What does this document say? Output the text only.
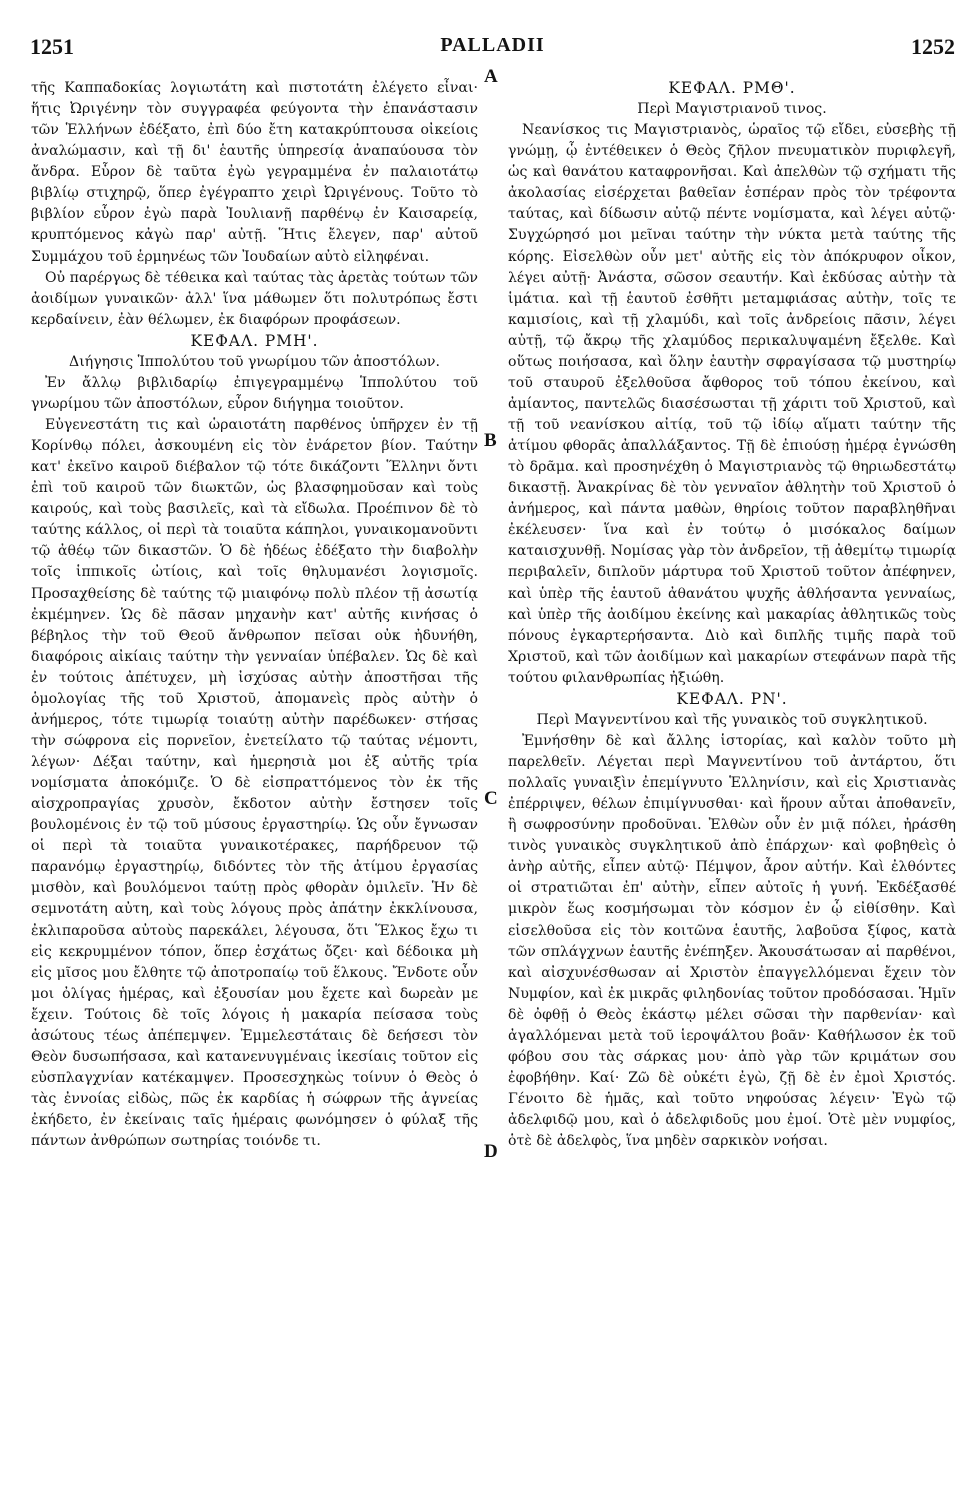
1251	PALLADII	1252

τῆς Καππαδοκίας λογιωτάτη καὶ πιστοτάτη ἐλέγετο εἶναι· ἥτις Ὠριγένην τὸν συγγραφέα φεύγοντα τὴν ἐπανάστασιν τῶν Ἑλλήνων ἐδέξατο, ἐπὶ δύο ἔτη κατακρύπτουσα οἰκείοις ἀναλώμασιν, καὶ τῇ δι' ἑαυτῆς ὑπηρεσίᾳ ἀναπαύουσα τὸν ἄνδρα. Εὗρον δὲ ταῦτα ἐγὼ γεγραμμένα ἐν παλαιοτάτῳ βιβλίῳ στιχηρῷ, ὅπερ ἐγέγραπτο χειρὶ Ὠριγένους. Τοῦτο τὸ βιβλίον εὗρον ἐγὼ παρὰ Ἰουλιανῇ παρθένῳ ἐν Καισαρείᾳ, κρυπτόμενος κἀγὼ παρ' αὐτῇ. Ἥτις ἔλεγεν, παρ' αὐτοῦ Συμμάχου τοῦ ἑρμηνέως τῶν Ἰουδαίων αὐτὸ εἰληφέναι.

Οὐ παρέργως δὲ τέθεικα καὶ ταύτας τὰς ἀρετὰς τούτων τῶν ἀοιδίμων γυναικῶν· ἀλλ' ἵνα μάθωμεν ὅτι πολυτρόπως ἔστι κερδαίνειν, ἐὰν θέλωμεν, ἐκ διαφόρων προφάσεων.

ΚΕΦΑΛ. ΡΜΗ'.

Διήγησις Ἱππολύτου τοῦ γνωρίμου τῶν ἀποστόλων.

Ἐν ἄλλῳ βιβλιδαρίῳ ἐπιγεγραμμένῳ Ἱππολύτου τοῦ γνωρίμου τῶν ἀποστόλων, εὗρον διήγημα τοιοῦτον.

Εὐγενεστάτη τις καὶ ὡραιοτάτη παρθένος ὑπῆρχεν ἐν τῇ Κορίνθῳ πόλει, ἀσκουμένη εἰς τὸν ἐνάρετον βίον. Ταύτην κατ' ἐκεῖνο καιροῦ διέβαλον τῷ τότε δικάζοντι Ἕλληνι ὄντι ἐπὶ τοῦ καιροῦ τῶν διωκτῶν, ὡς βλασφημοῦσαν καὶ τοὺς καιρούς, καὶ τοὺς βασιλεῖς, καὶ τὰ εἴδωλα. Προέπινον δὲ τὸ ταύτης κάλλος, οἱ περὶ τὰ τοιαῦτα κάπηλοι, γυναικομανοῦντι τῷ ἀθέῳ τῶν δικαστῶν. Ὁ δὲ ἡδέως ἐδέξατο τὴν διαβολὴν τοῖς ἱππικοῖς ὠτίοις, καὶ τοῖς θηλυμανέσι λογισμοῖς. Προσαχθείσης δὲ ταύτης τῷ μιαιφόνῳ πολὺ πλέον τῇ ἀσωτίᾳ ἐκμέμηνεν. Ὡς δὲ πᾶσαν μηχανὴν κατ' αὐτῆς κινήσας ὁ βέβηλος τὴν τοῦ Θεοῦ ἄνθρωπον πεῖσαι οὐκ ἠδυνήθη, διαφόροις αἰκίαις ταύτην τὴν γενναίαν ὑπέβαλεν. Ὡς δὲ καὶ ἐν τούτοις ἀπέτυχεν, μὴ ἰσχύσας αὐτὴν ἀποστῆσαι τῆς ὁμολογίας τῆς τοῦ Χριστοῦ, ἀπομανεὶς πρὸς αὐτὴν ὁ ἀνήμερος, τότε τιμωρίᾳ τοιαύτῃ αὐτὴν παρέδωκεν· στήσας τὴν σώφρονα εἰς πορνεῖον, ἐνετείλατο τῷ ταύτας νέμοντι, λέγων· Δέξαι ταύτην, καὶ ἡμερησιὰ μοι ἐξ αὐτῆς τρία νομίσματα ἀποκόμιζε. Ὁ δὲ εἰσπραττόμενος τὸν ἐκ τῆς αἰσχροπραγίας χρυσὸν, ἔκδοτον αὐτὴν ἔστησεν τοῖς βουλομένοις ἐν τῷ τοῦ μύσους ἐργαστηρίῳ. Ὡς οὖν ἔγνωσαν οἱ περὶ τὰ τοιαῦτα γυναικοτέρακες, παρήδρευον τῷ παρανόμῳ ἐργαστηρίῳ, διδόντες τὸν τῆς ἀτίμου ἐργασίας μισθὸν, καὶ βουλόμενοι ταύτῃ πρὸς φθορὰν ὁμιλεῖν. Ἡν δὲ σεμνοτάτη αὐτη, καὶ τοὺς λόγους πρὸς ἀπάτην ἐκκλίνουσα, ἐκλιπαροῦσα αὐτοὺς παρεκάλει, λέγουσα, ὅτι Ἕλκος ἔχω τι εἰς κεκρυμμένον τόπον, ὅπερ ἐσχάτως ὄζει· καὶ δέδοικα μὴ εἰς μῖσος μου ἔλθητε τῷ ἀποτροπαίῳ τοῦ ἕλκους. Ἔνδοτε οὖν μοι ὀλίγας ἡμέρας, καὶ ἐξουσίαν μου ἔχετε καὶ δωρεὰν με ἔχειν. Τούτοις δὲ τοῖς λόγοις ἡ μακαρία πείσασα τοὺς ἀσώτους τέως ἀπέπεμψεν. Ἐμμελεστάταις δὲ δεήσεσι τὸν Θεὸν δυσωπήσασα, καὶ κατανενυγμέναις ἱκεσίαις τοῦτον εἰς εὐσπλαγχνίαν κατέκαμψεν. Προσεσχηκὼς τοίνυν ὁ Θεὸς ὁ τὰς ἐννοίας εἰδὼς, πῶς ἐκ καρδίας ἡ σώφρων τῆς ἁγνείας ἐκήδετο, ἐν ἐκείναις ταῖς ἡμέραις φωνόμησεν ὁ φύλαξ τῆς πάντων ἀνθρώπων σωτηρίας τοιόνδε τι.

ΚΕΦΑΛ. ΡΜΘ'.

Περὶ Μαγιστριανοῦ τινος.

Νεανίσκος τις Μαγιστριανὸς, ὡραῖος τῷ εἴδει, εὐσεβὴς τῇ γνώμῃ, ᾧ ἐντέθεικεν ὁ Θεὸς ζῆλον πνευματικὸν πυριφλεγῆ, ὡς καὶ θανάτου καταφρονῆσαι. Καὶ ἀπελθὼν τῷ σχήματι τῆς ἀκολασίας εἰσέρχεται βαθεῖαν ἑσπέραν πρὸς τὸν τρέφοντα ταύτας, καὶ δίδωσιν αὐτῷ πέντε νομίσματα, καὶ λέγει αὐτῷ· Συγχώρησό μοι μεῖναι ταύτην τὴν νύκτα μετὰ ταύτης τῆς κόρης. Εἰσελθὼν οὖν μετ' αὐτῆς εἰς τὸν ἀπόκρυφον οἶκον, λέγει αὐτῇ· Ἀνάστα, σῶσον σεαυτήν. Καὶ ἐκδύσας αὐτὴν τὰ ἱμάτια. καὶ τῇ ἑαυτοῦ ἐσθῆτι μεταμφιάσας αὐτὴν, τοῖς τε καμισίοις, καὶ τῇ χλαμύδι, καὶ τοῖς ἀνδρείοις πᾶσιν, λέγει αὐτῇ, τῷ ἄκρῳ τῆς χλαμύδος περικαλυψαμένη ἔξελθε. Καὶ οὕτως ποιήσασα, καὶ ὅλην ἑαυτὴν σφραγίσασα τῷ μυστηρίῳ τοῦ σταυροῦ ἐξελθοῦσα ἄφθορος τοῦ τόπου ἐκείνου, καὶ ἀμίαντος, παντελῶς διασέσωσται τῇ χάριτι τοῦ Χριστοῦ, καὶ τῇ τοῦ νεανίσκου αἰτίᾳ, τοῦ τῷ ἰδίῳ αἵματι ταύτην τῆς ἀτίμου φθορᾶς ἀπαλλάξαντος. Τῇ δὲ ἐπιούσῃ ἡμέρᾳ ἐγνώσθη τὸ δρᾶμα. καὶ προσηνέχθη ὁ Μαγιστριανὸς τῷ θηριωδεστάτῳ δικαστῇ. Ἀνακρίνας δὲ τὸν γενναῖον ἀθλητὴν τοῦ Χριστοῦ ὁ ἀνήμερος, καὶ πάντα μαθὼν, θηρίοις τοῦτον παραβληθῆναι ἐκέλευσεν· ἵνα καὶ ἐν τούτῳ ὁ μισόκαλος δαίμων καταισχυνθῇ. Νομίσας γὰρ τὸν ἀνδρεῖον, τῇ ἀθεμίτῳ τιμωρίᾳ περιβαλεῖν, διπλοῦν μάρτυρα τοῦ Χριστοῦ τοῦτον ἀπέφηνεν, καὶ ὑπὲρ τῆς ἑαυτοῦ ἀθανάτου ψυχῆς ἀθλήσαντα γενναίως, καὶ ὑπὲρ τῆς ἀοιδίμου ἐκείνης καὶ μακαρίας ἀθλητικῶς τοὺς πόνους ἐγκαρτερήσαντα. Διὸ καὶ διπλῆς τιμῆς παρὰ τοῦ Χριστοῦ, καὶ τῶν ἀοιδίμων καὶ μακαρίων στεφάνων παρὰ τῆς τούτου φιλανθρωπίας ἠξιώθη.

ΚΕΦΑΛ. ΡΝ'.

Περὶ Μαγνεντίνου καὶ τῆς γυναικὸς τοῦ συγκλητικοῦ.

Ἐμνήσθην δὲ καὶ ἄλλης ἱστορίας, καὶ καλὸν τοῦτο μὴ παρελθεῖν. Λέγεται περὶ Μαγνεντίνου τοῦ ἀντάρτου, ὅτι πολλαῖς γυναιξὶν ἐπεμίγνυτο Ἑλληνίσιν, καὶ εἰς Χριστιανὰς ἐπέρριψεν, θέλων ἐπιμίγνυσθαι· καὶ ἥρουν αὗται ἀποθανεῖν, ἢ σωφροσύνην προδοῦναι. Ἐλθὼν οὖν ἐν μιᾷ πόλει, ἠράσθη τινὸς γυναικὸς συγκλητικοῦ ἀπὸ ἐπάρχων· καὶ φοβηθεὶς ὁ ἀνὴρ αὐτῆς, εἶπεν αὐτῷ· Πέμψον, ἆρον αὐτήν. Καὶ ἐλθόντες οἱ στρατιῶται ἐπ' αὐτὴν, εἶπεν αὐτοῖς ἡ γυνή. Ἐκδέξασθέ μικρὸν ἕως κοσμήσωμαι τὸν κόσμον ἐν ᾧ εἰθίσθην. Καὶ εἰσελθοῦσα εἰς τὸν κοιτῶνα ἑαυτῆς, λαβοῦσα ξίφος, κατὰ τῶν σπλάγχνων ἑαυτῆς ἐνέπηξεν. Ἀκουσάτωσαν αἱ παρθένοι, καὶ αἰσχυνέσθωσαν αἱ Χριστὸν ἐπαγγελλόμεναι ἔχειν τὸν Νυμφίον, καὶ ἐκ μικρᾶς φιληδονίας τοῦτον προδόσασαι. Ἡμῖν δὲ ὀφθῇ ὁ Θεὸς ἑκάστῳ μέλει σῶσαι τὴν παρθενίαν· καὶ ἀγαλλόμεναι μετὰ τοῦ ἱεροψάλτου βοᾶν· Καθήλωσον ἐκ τοῦ φόβου σου τὰς σάρκας μου· ἀπὸ γὰρ τῶν κριμάτων σου ἐφοβήθην. Καί· Ζῶ δὲ οὐκέτι ἐγὼ, ζῇ δὲ ἐν ἐμοὶ Χριστός. Γένοιτο δὲ ἡμᾶς, καὶ τοῦτο νηφούσας λέγειν· Ἐγὼ τῷ ἀδελφιδῷ μου, καὶ ὁ ἀδελφιδοῦς μου ἐμοί. Ὁτὲ μὲν νυμφίος, ὁτὲ δὲ ἀδελφὸς, ἵνα μηδὲν σαρκικὸν νοήσαι.

A
B
C
D
